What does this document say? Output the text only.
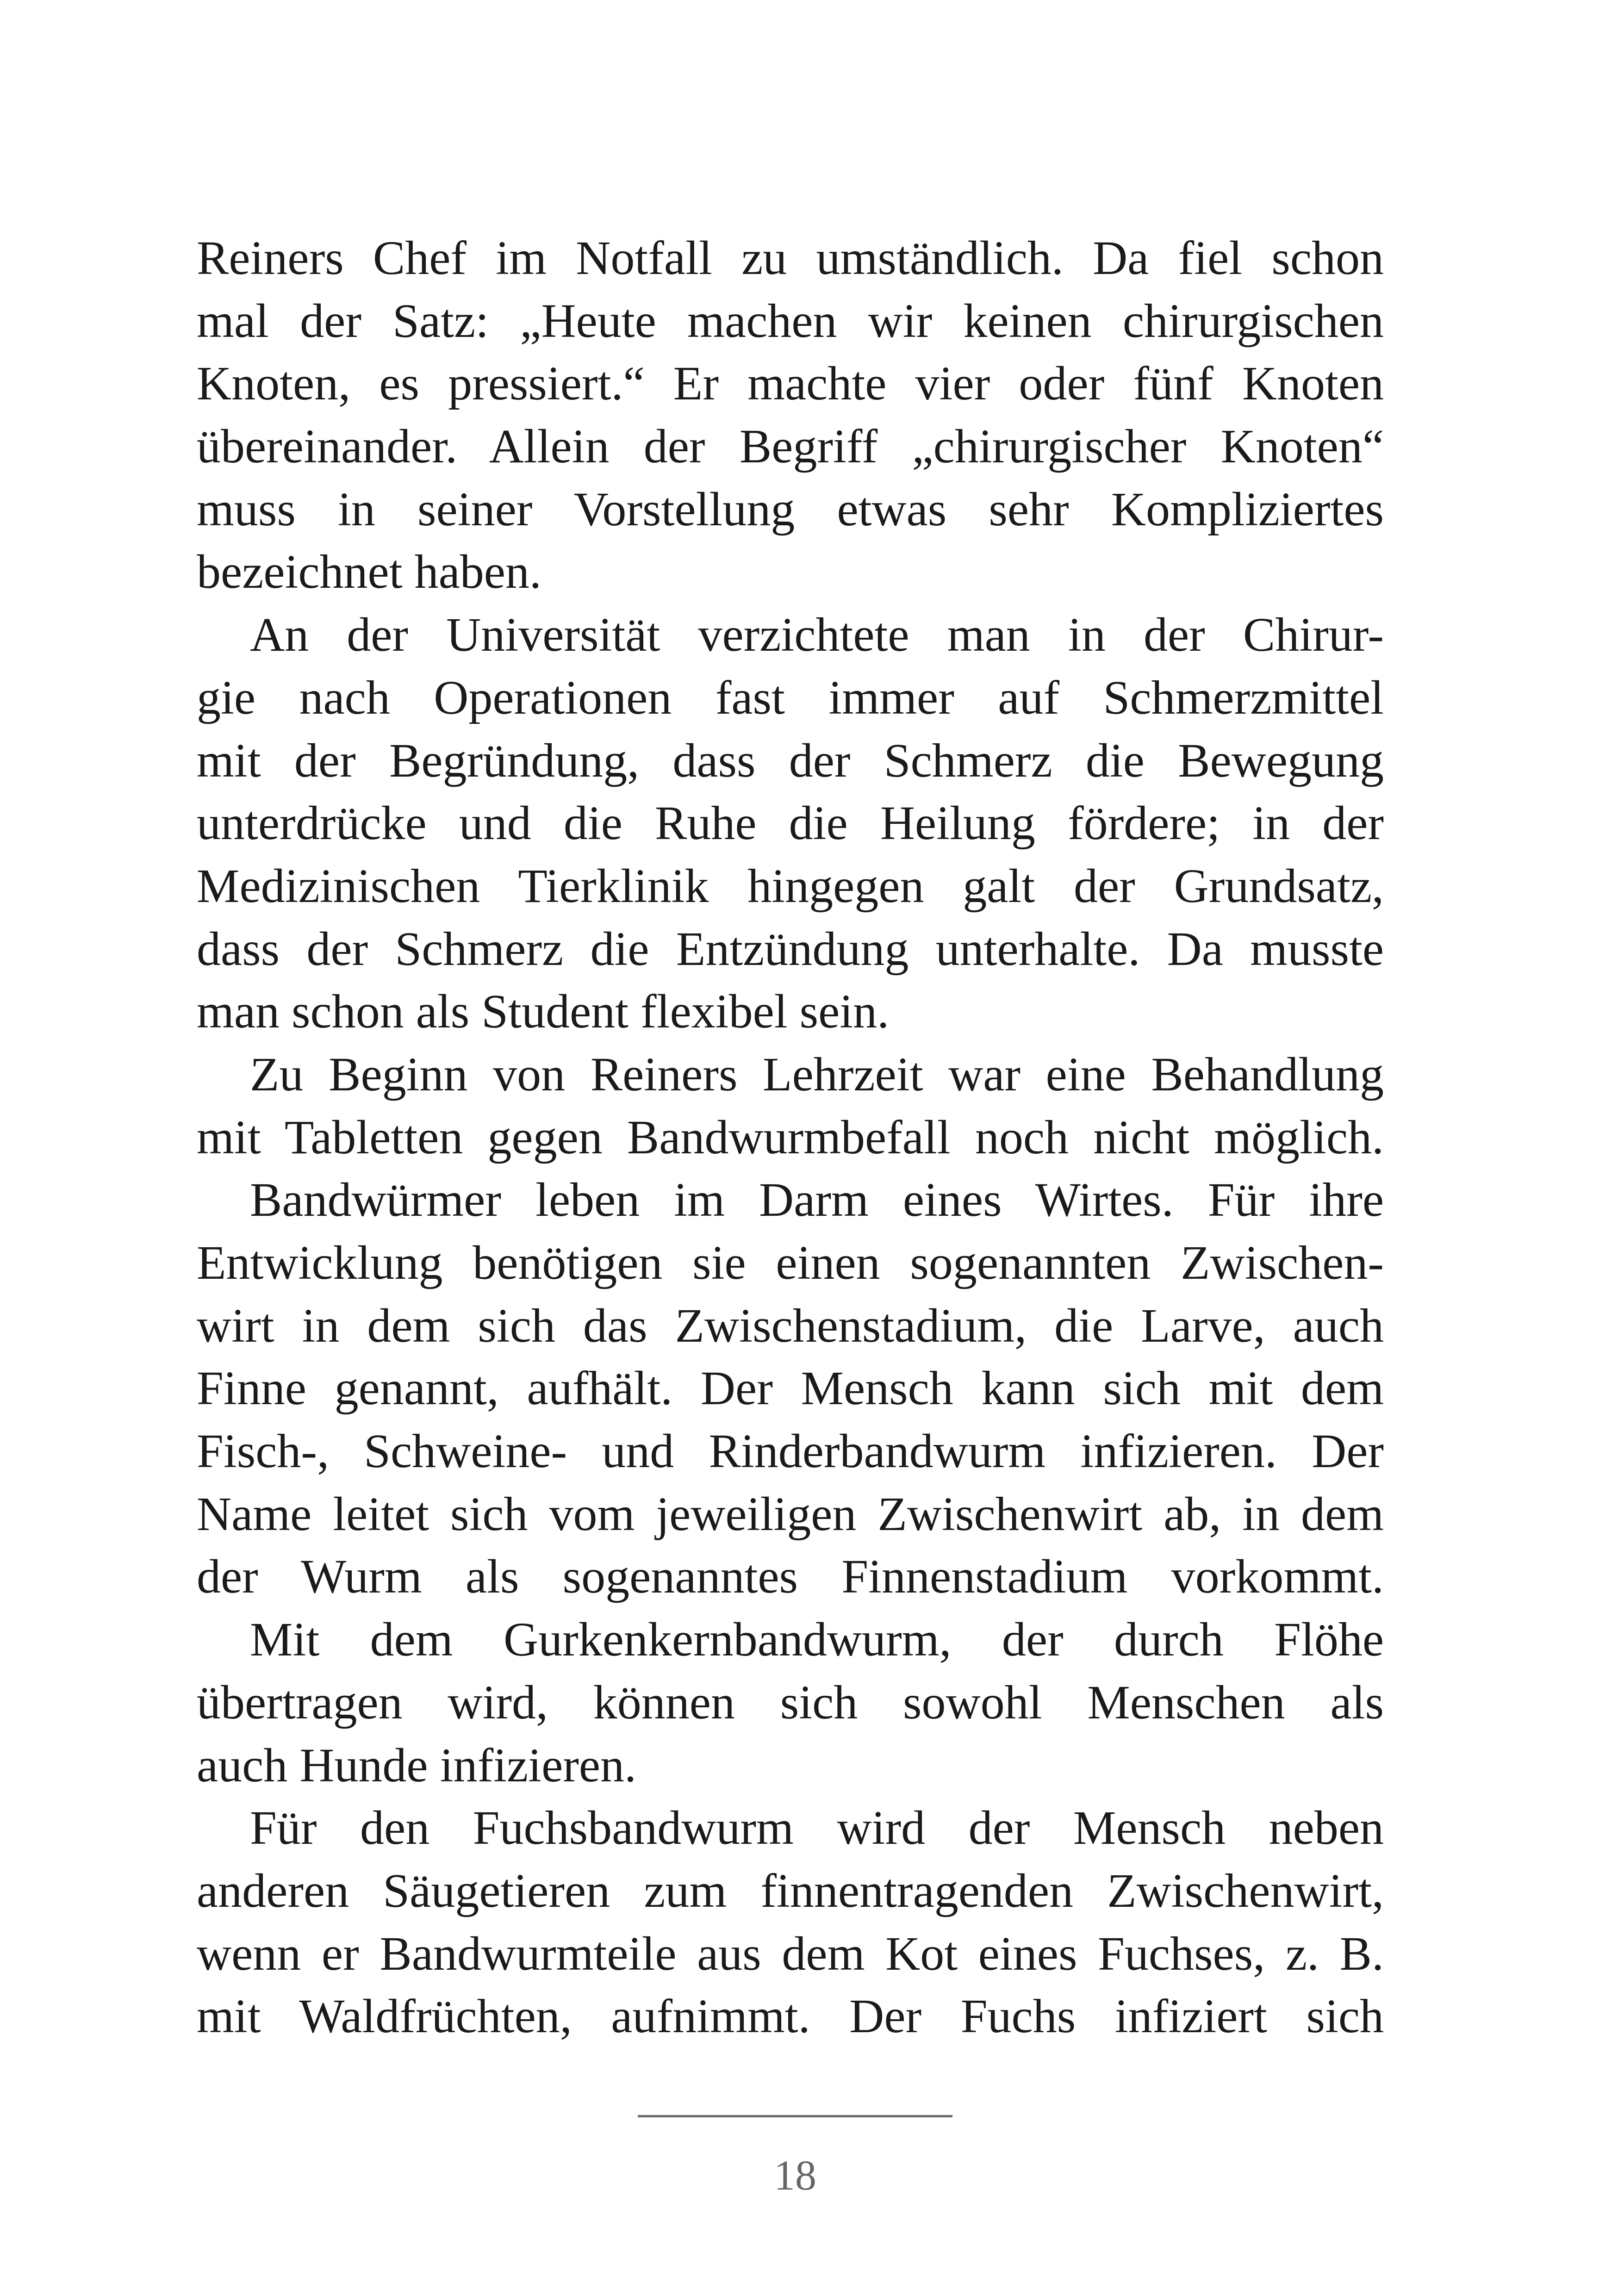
Reiners Chef im Notfall zu umständlich. Da fiel schon
mal der Satz: „Heute machen wir keinen chirurgischen
Knoten, es pressiert.“ Er machte vier oder fünf Knoten
übereinander. Allein der Begriff „chirurgischer Knoten“
muss in seiner Vorstellung etwas sehr Kompliziertes
bezeichnet haben.
An der Universität verzichtete man in der Chirur-
gie nach Operationen fast immer auf Schmerzmittel
mit der Begründung, dass der Schmerz die Bewegung
unterdrücke und die Ruhe die Heilung fördere; in der
Medizinischen Tierklinik hingegen galt der Grundsatz,
dass der Schmerz die Entzündung unterhalte. Da musste
man schon als Student flexibel sein.
Zu Beginn von Reiners Lehrzeit war eine Behandlung
mit Tabletten gegen Bandwurmbefall noch nicht möglich.
Bandwürmer leben im Darm eines Wirtes. Für ihre
Entwicklung benötigen sie einen sogenannten Zwischen-
wirt in dem sich das Zwischenstadium, die Larve, auch
Finne genannt, aufhält. Der Mensch kann sich mit dem
Fisch-, Schweine- und Rinderbandwurm infizieren. Der
Name leitet sich vom jeweiligen Zwischenwirt ab, in dem
der Wurm als sogenanntes Finnenstadium vorkommt.
Mit dem Gurkenkernbandwurm, der durch Flöhe
übertragen wird, können sich sowohl Menschen als
auch Hunde infizieren.
Für den Fuchsbandwurm wird der Mensch neben
anderen Säugetieren zum finnentragenden Zwischenwirt,
wenn er Bandwurmteile aus dem Kot eines Fuchses, z. B.
mit Waldfrüchten, aufnimmt. Der Fuchs infiziert sich
18
